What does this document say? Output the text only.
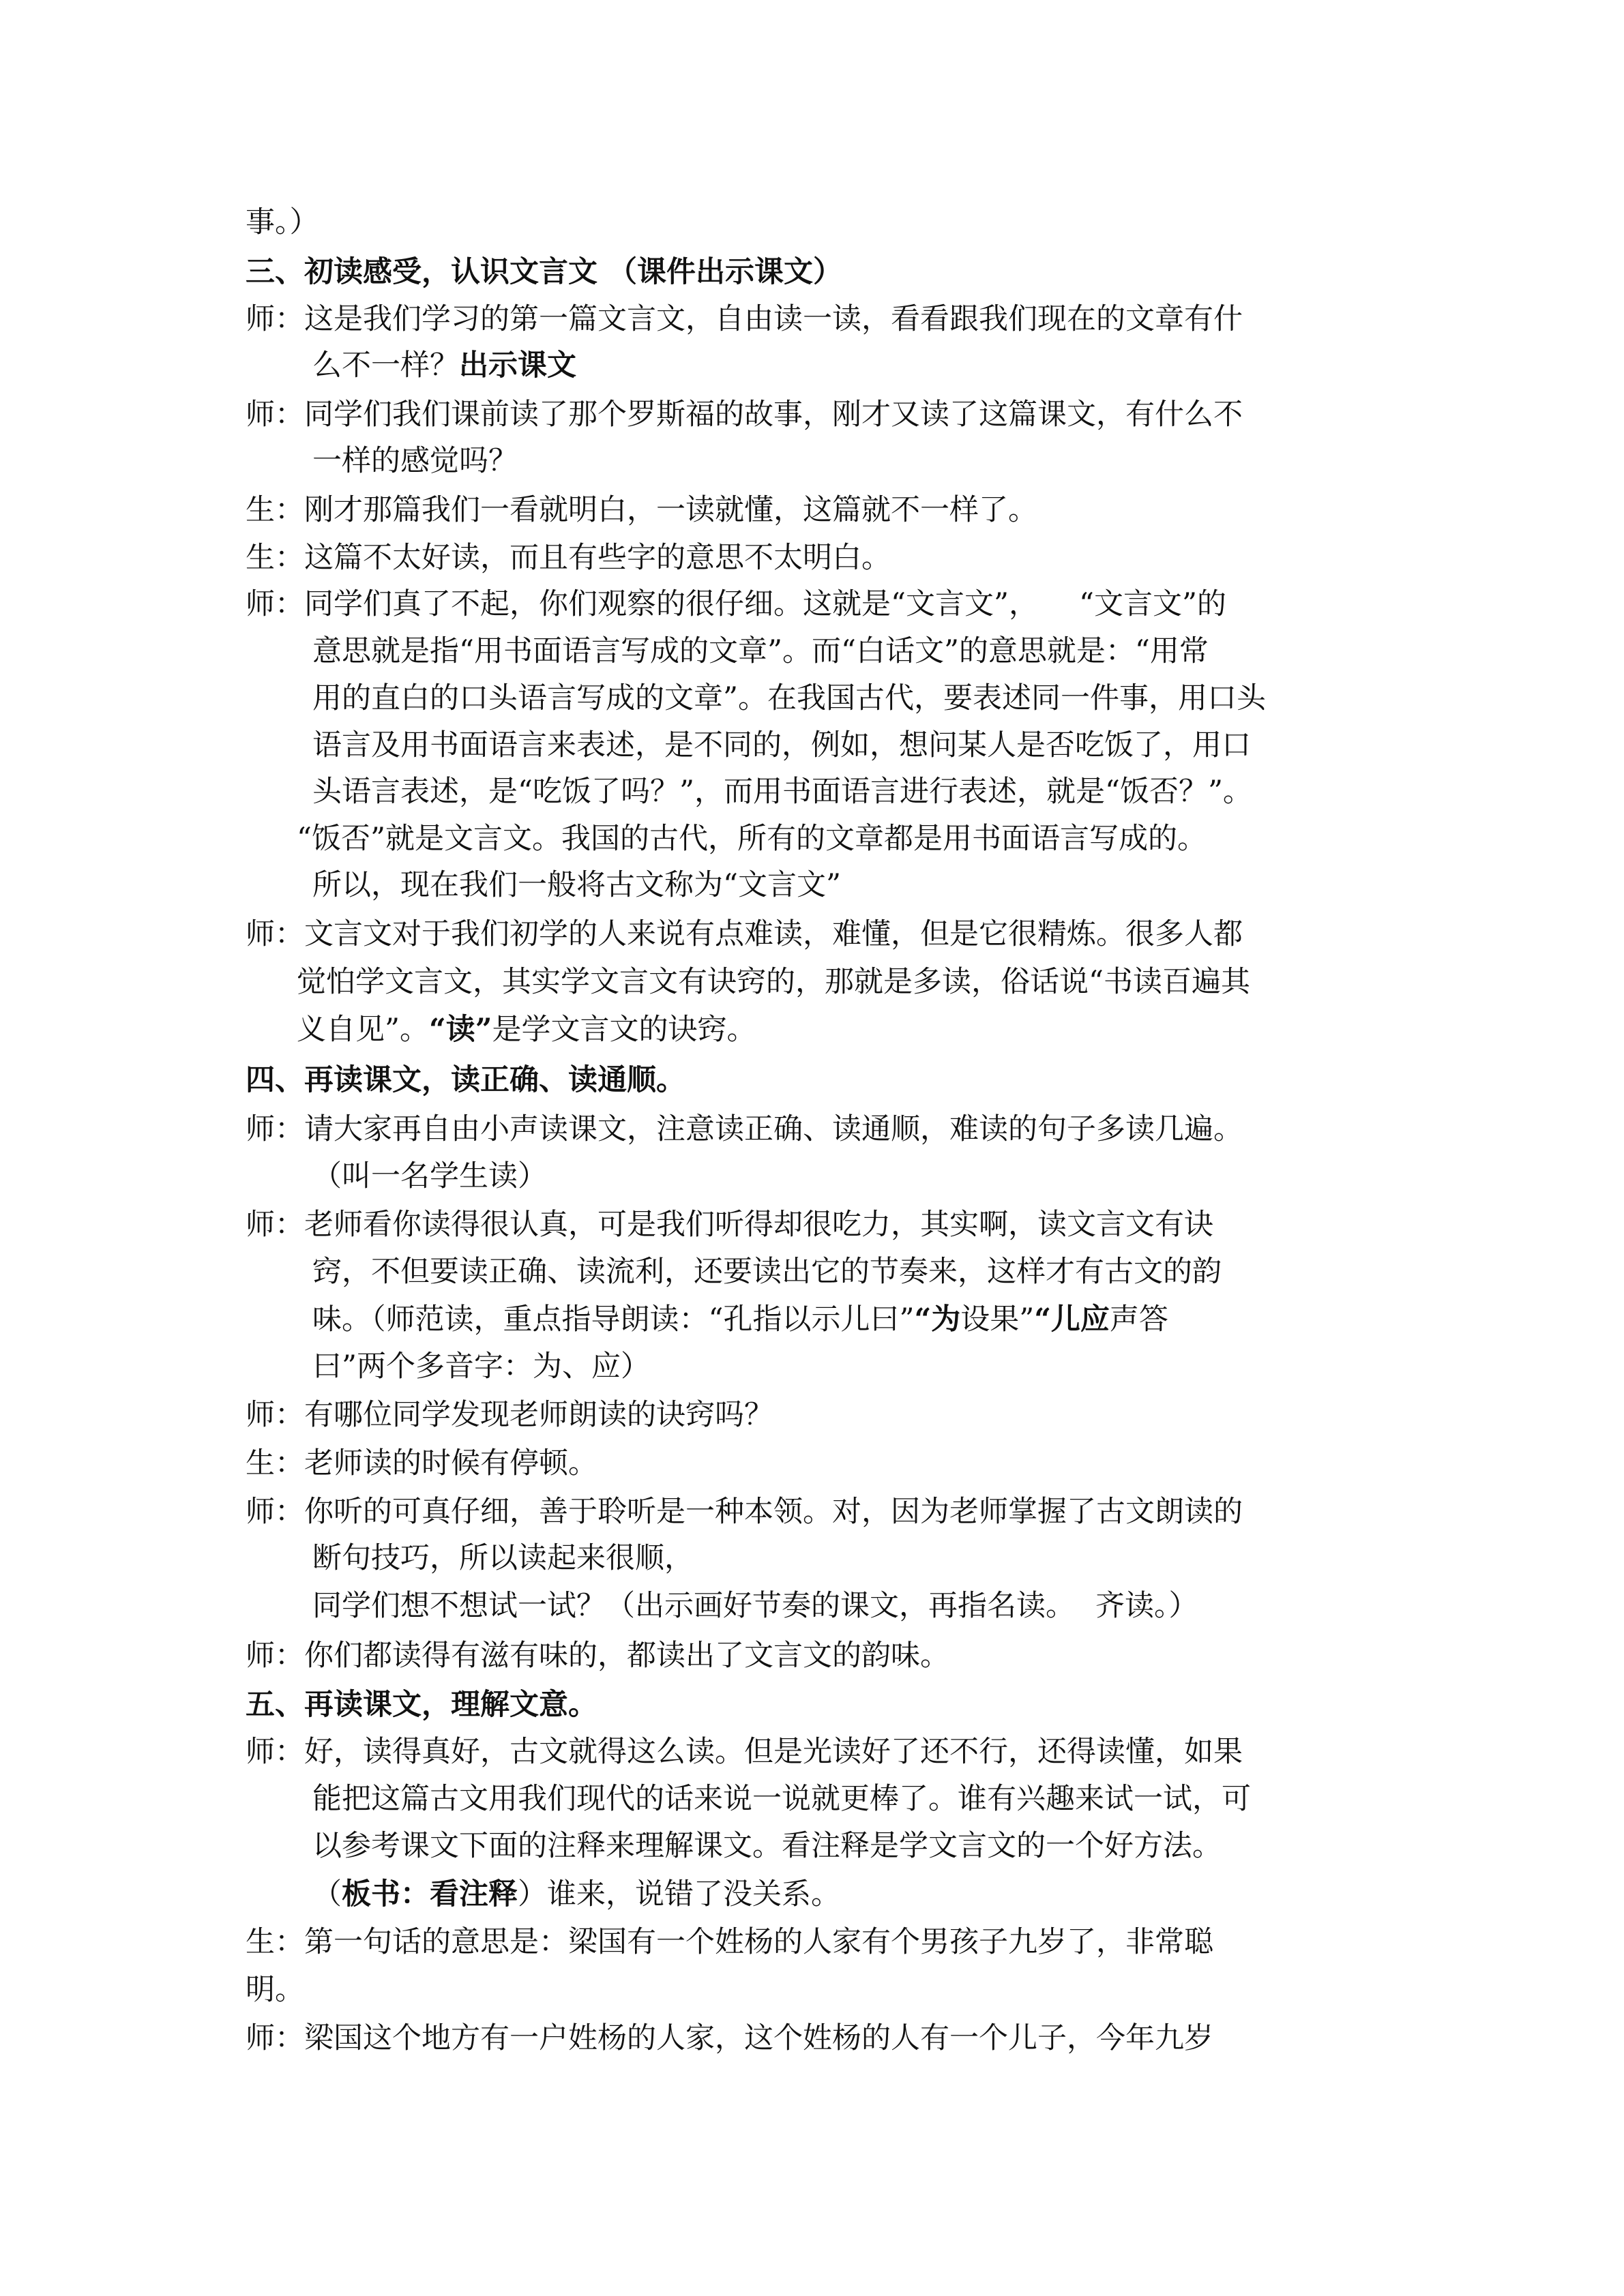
事。）
三、初读感受，认识文言文 （课件出示课文）
师：这是我们学习的第一篇文言文，自由读一读，看看跟我们现在的文章有什
么不一样？出示课文
师：同学们我们课前读了那个罗斯福的故事，刚才又读了这篇课文，有什么不
一样的感觉吗？
生：刚才那篇我们一看就明白，一读就懂，这篇就不一样了。
生：这篇不太好读，而且有些字的意思不太明白。
师：同学们真了不起，你们观察的很仔细。这就是“文言文”， “文言文”的
意思就是指“用书面语言写成的文章”。而“白话文”的意思就是：“用常
用的直白的口头语言写成的文章”。在我国古代，要表述同一件事，用口头
语言及用书面语言来表述，是不同的，例如，想问某人是否吃饭了，用口
头语言表述，是“吃饭了吗？”，而用书面语言进行表述，就是“饭否？”。
“饭否”就是文言文。我国的古代，所有的文章都是用书面语言写成的。
所以，现在我们一般将古文称为“文言文”
师：文言文对于我们初学的人来说有点难读，难懂，但是它很精炼。很多人都
觉怕学文言文，其实学文言文有诀窍的，那就是多读，俗话说“书读百遍其
义自见”。“读”是学文言文的诀窍。
四、再读课文，读正确、读通顺。
师：请大家再自由小声读课文，注意读正确、读通顺，难读的句子多读几遍。
（叫一名学生读）
师：老师看你读得很认真，可是我们听得却很吃力，其实啊，读文言文有诀
窍，不但要读正确、读流利，还要读出它的节奏来，这样才有古文的韵
味。（师范读，重点指导朗读：“孔指以示儿曰”“为设果”“儿应声答
曰”两个多音字：为、应）
师：有哪位同学发现老师朗读的诀窍吗？
生：老师读的时候有停顿。
师：你听的可真仔细，善于聆听是一种本领。对，因为老师掌握了古文朗读的
断句技巧，所以读起来很顺，
同学们想不想试一试？（出示画好节奏的课文，再指名读。 齐读。）
师：你们都读得有滋有味的，都读出了文言文的韵味。
五、再读课文，理解文意。
师：好，读得真好，古文就得这么读。但是光读好了还不行，还得读懂，如果
能把这篇古文用我们现代的话来说一说就更棒了。谁有兴趣来试一试，可
以参考课文下面的注释来理解课文。看注释是学文言文的一个好方法。
（板书：看注释）谁来，说错了没关系。
生：第一句话的意思是：梁国有一个姓杨的人家有个男孩子九岁了，非常聪
明。
师：梁国这个地方有一户姓杨的人家，这个姓杨的人有一个儿子，今年九岁
